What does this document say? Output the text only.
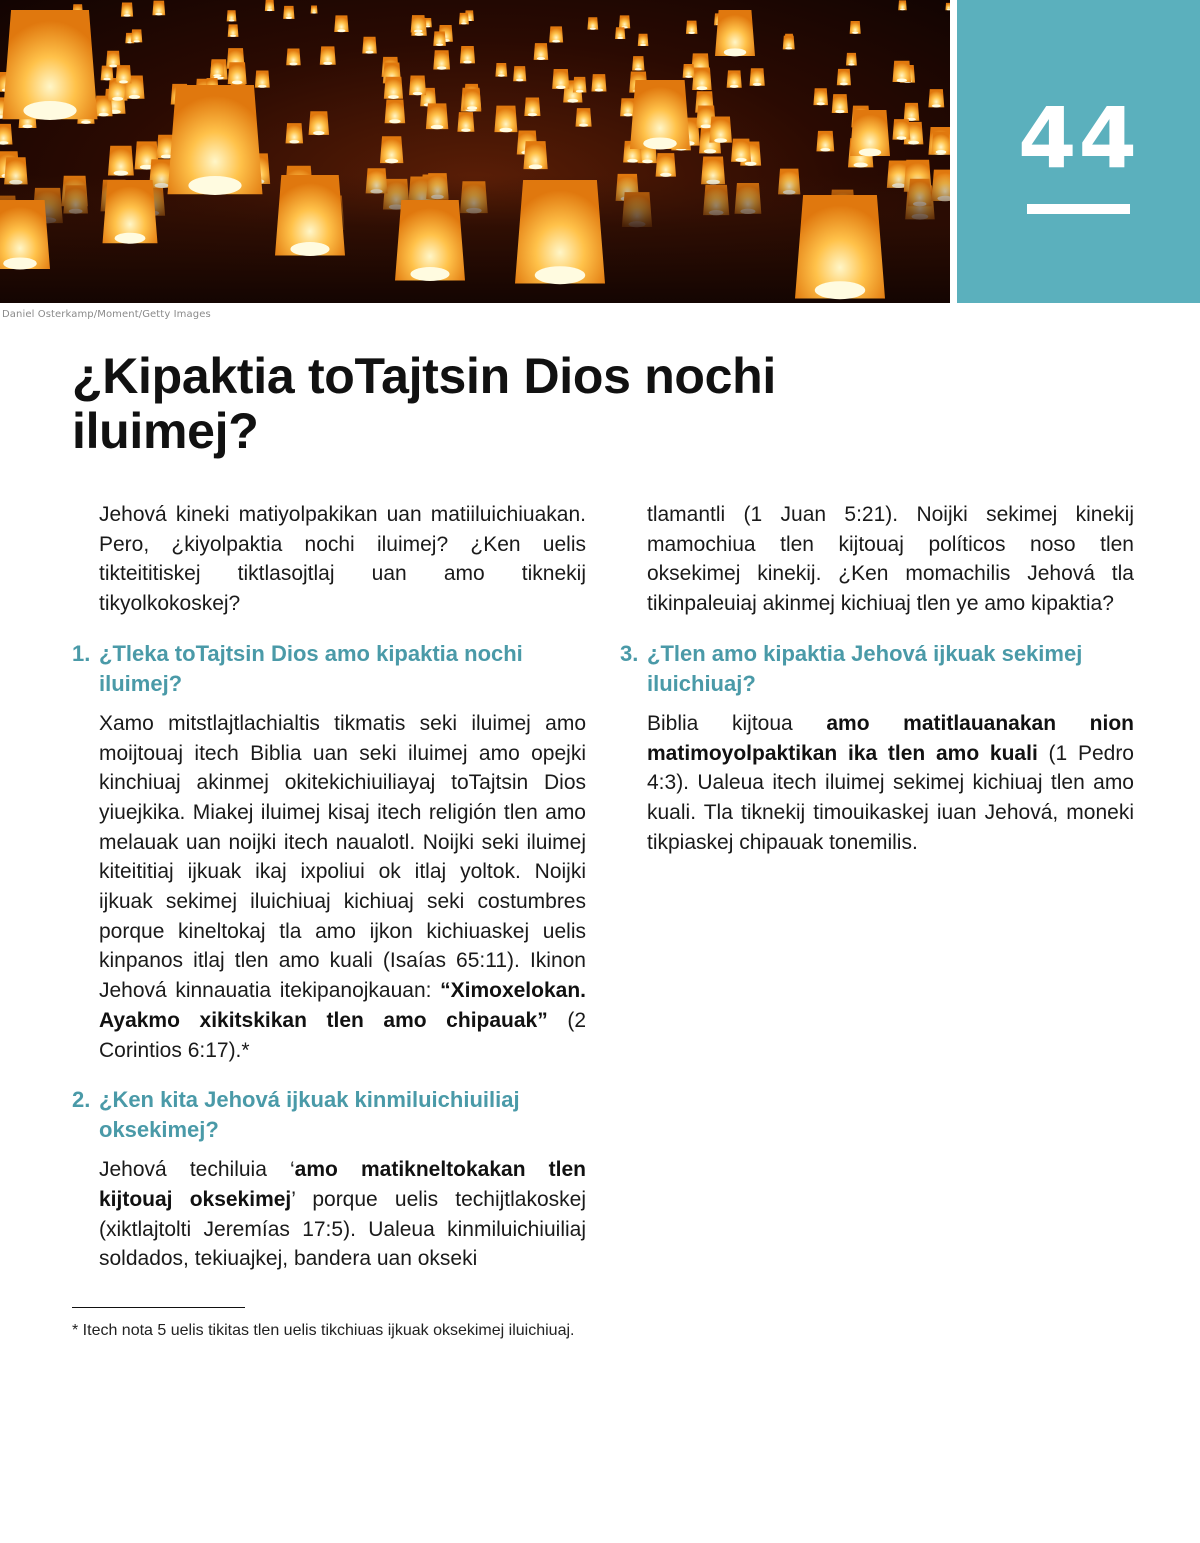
Daniel Osterkamp/Moment/Getty Images
44
¿Kipaktia toTajtsin Dios nochi iluimej?

Jehová kineki matiyolpakikan uan matiiluichiuakan. Pero, ¿kiyolpaktia nochi iluimej? ¿Ken uelis tikteititiskej tiktlasojtlaj uan amo tiknekij tikyolkokoskej?

1. ¿Tleka toTajtsin Dios amo kipaktia nochi iluimej?

Xamo mitstlajtlachialtis tikmatis seki iluimej amo moijtouaj itech Biblia uan seki iluimej amo opejki kinchiuaj akinmej okitekichiuiliayaj toTajtsin Dios yiuejkika. Miakej iluimej kisaj itech religión tlen amo melauak uan noijki itech naualotl. Noijki seki iluimej kiteititiaj ijkuak ikaj ixpoliui ok itlaj yoltok. Noijki ijkuak sekimej iluichiuaj kichiuaj seki costumbres porque kineltokaj tla amo ijkon kichiuaskej uelis kinpanos itlaj tlen amo kuali (Isaías 65:11). Ikinon Jehová kinnauatia itekipanojkauan: “Ximoxelokan. Ayakmo xikitskikan tlen amo chipauak” (2 Corintios 6:17).*

2. ¿Ken kita Jehová ijkuak kinmiluichiuiliaj oksekimej?

Jehová techiluia ‘amo matikneltokakan tlen kijtouaj oksekimej’ porque uelis techijtlakoskej (xiktlajtolti Jeremías 17:5). Ualeua kinmiluichiuiliaj soldados, tekiuajkej, bandera uan okseki

tlamantli (1 Juan 5:21). Noijki sekimej kinekij mamochiua tlen kijtouaj políticos noso tlen oksekimej kinekij. ¿Ken momachilis Jehová tla tikinpaleuiaj akinmej kichiuaj tlen ye amo kipaktia?

3. ¿Tlen amo kipaktia Jehová ijkuak sekimej iluichiuaj?

Biblia kijtoua amo matitlauanakan nion matimoyolpaktikan ika tlen amo kuali (1 Pedro 4:3). Ualeua itech iluimej sekimej kichiuaj tlen amo kuali. Tla tiknekij timouikaskej iuan Jehová, moneki tikpiaskej chipauak tonemilis.

* Itech nota 5 uelis tikitas tlen uelis tikchiuas ijkuak oksekimej iluichiuaj.
